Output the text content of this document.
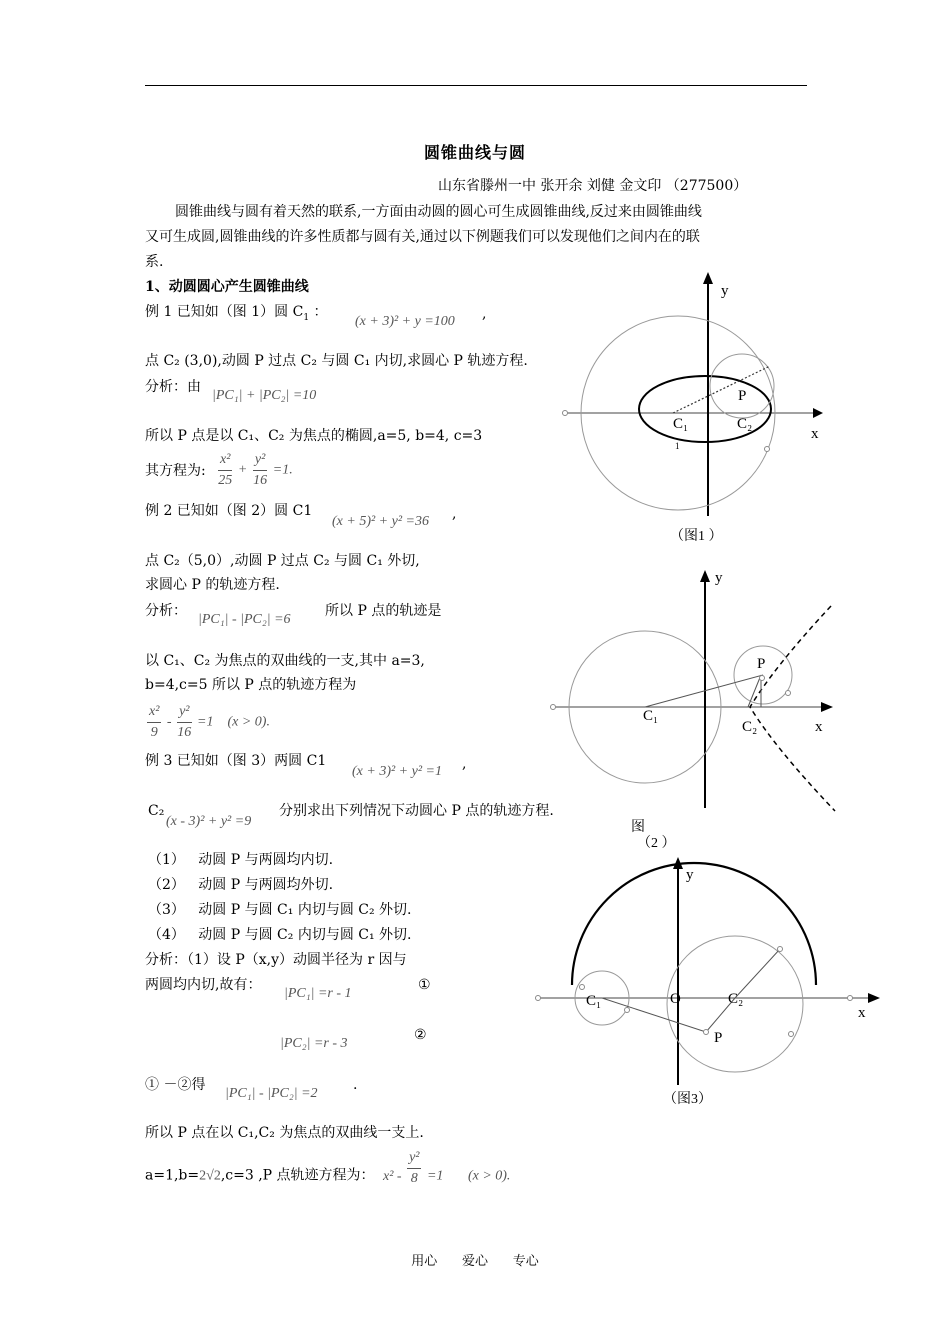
圆锥曲线与圆
山东省滕州一中 张开余 刘健 金文印 （277500）
圆锥曲线与圆有着天然的联系,一方面由动圆的圆心可生成圆锥曲线,反过来由圆锥曲线
又可生成圆,圆锥曲线的许多性质都与圆有关,通过以下例题我们可以发现他们之间内在的联
系.
1、动圆圆心产生圆锥曲线
例 1 已知如（图 1）圆 $C_1$ ：
(x + 3)² + y =100 ,
点 C₂ (3,0),动圆 P 过点 C₂ 与圆 C₁ 内切,求圆心 P 轨迹方程.
分析：由
|PC₁| + |PC₂| =10
所以 P 点是以 C₁、C₂ 为焦点的椭圆,a=5, b=4, c=3
其方程为: $\frac{\text{x²}}{25} + \frac{\text{y²}}{16} =1$.
例 2 已知如（图 2）圆 C1
(x + 5)² + y² =36 ,
点 C₂（5,0）,动圆 P 过点 C₂ 与圆 C₁ 外切,
求圆心 P 的轨迹方程.
分析：
|PC₁| - |PC₂| =6
所以 P 点的轨迹是
以 C₁、C₂ 为焦点的双曲线的一支,其中 a=3,
b=4,c=5 所以 P 点的轨迹方程为
$\frac{\text{x²}}{9} - \frac{\text{y²}}{16} =1$    (x > 0).
例 3 已知如（图 3）两圆 C1
(x + 3)² + y² =1 ,
C₂
(x - 3)² + y² =9
分别求出下列情况下动圆心 P 点的轨迹方程.
（1） 动圆 P 与两圆均内切.
（2） 动圆 P 与两圆均外切.
（3） 动圆 P 与圆 C₁ 内切与圆 C₂ 外切.
（4） 动圆 P 与圆 C₂ 内切与圆 C₁ 外切.
分析：（1）设 P（x,y）动圆半径为 r 因与
两圆均内切,故有：
|PC₁| =r - 1
①
|PC₂| =r - 3
②
① －②得
|PC₁| - |PC₂| =2
.
所以 P 点在以 C₁,C₂ 为焦点的双曲线一支上.
a=1,b=2√2,c=3 ,P 点轨迹方程为： $x^2 - \frac{\text{y²}}{8} =1$       (x > 0).
y
x
P
C₁	C₂
1
（图1 ）
y
x
P
C₁
C₂
图
（2 ）
y
x
P
C₁	C₂
O
（图3）
用心      爱心      专心
